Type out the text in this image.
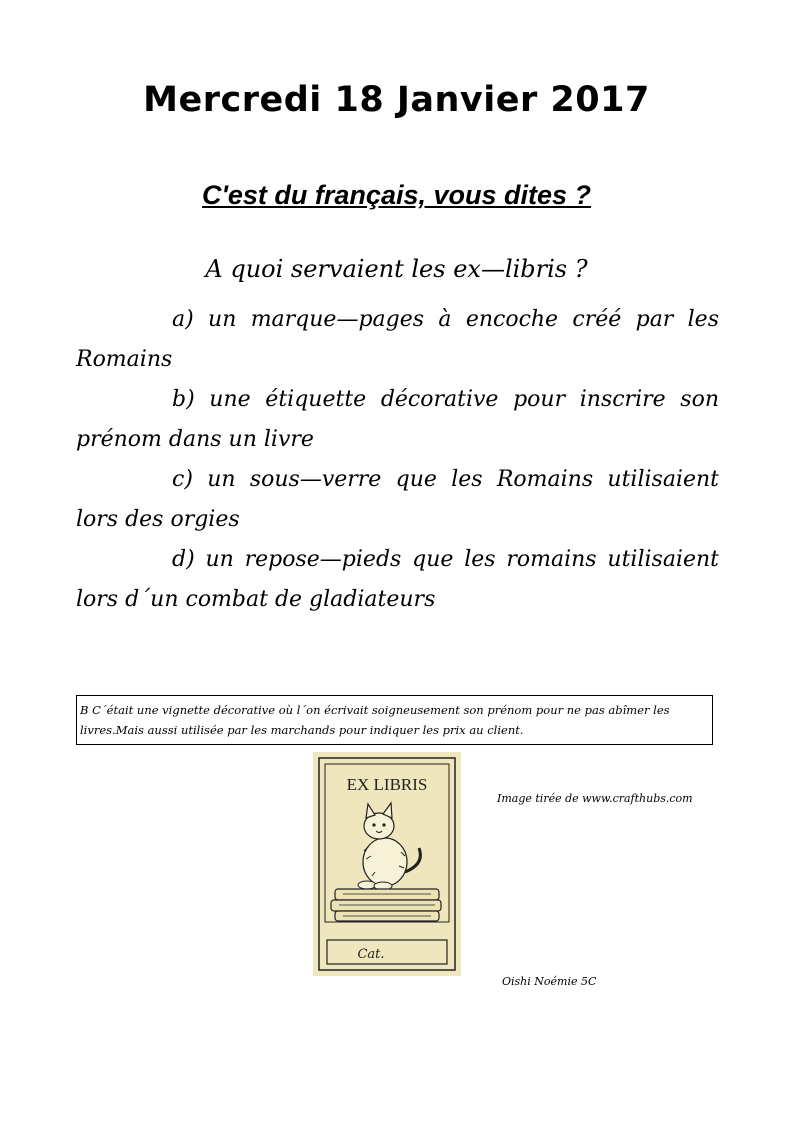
Mercredi 18 Janvier 2017
C'est du français, vous dites ?
A quoi servaient les ex—libris ?

a) un marque—pages à encoche créé par les Romains

b) une étiquette décorative pour inscrire son prénom dans un livre

c) un sous—verre que les Romains utilisaient lors des orgies

d) un repose—pieds que les romains utilisaient lors d´un combat de gladiateurs

B C´était une vignette décorative où l´on écrivait soigneusement son prénom pour ne pas abîmer les livres.Mais aussi utilisée par les marchands pour indiquer les prix au client.
EX LIBRIS
Cat.
Image tirée de www.crafthubs.com
Oishi Noémie 5C
